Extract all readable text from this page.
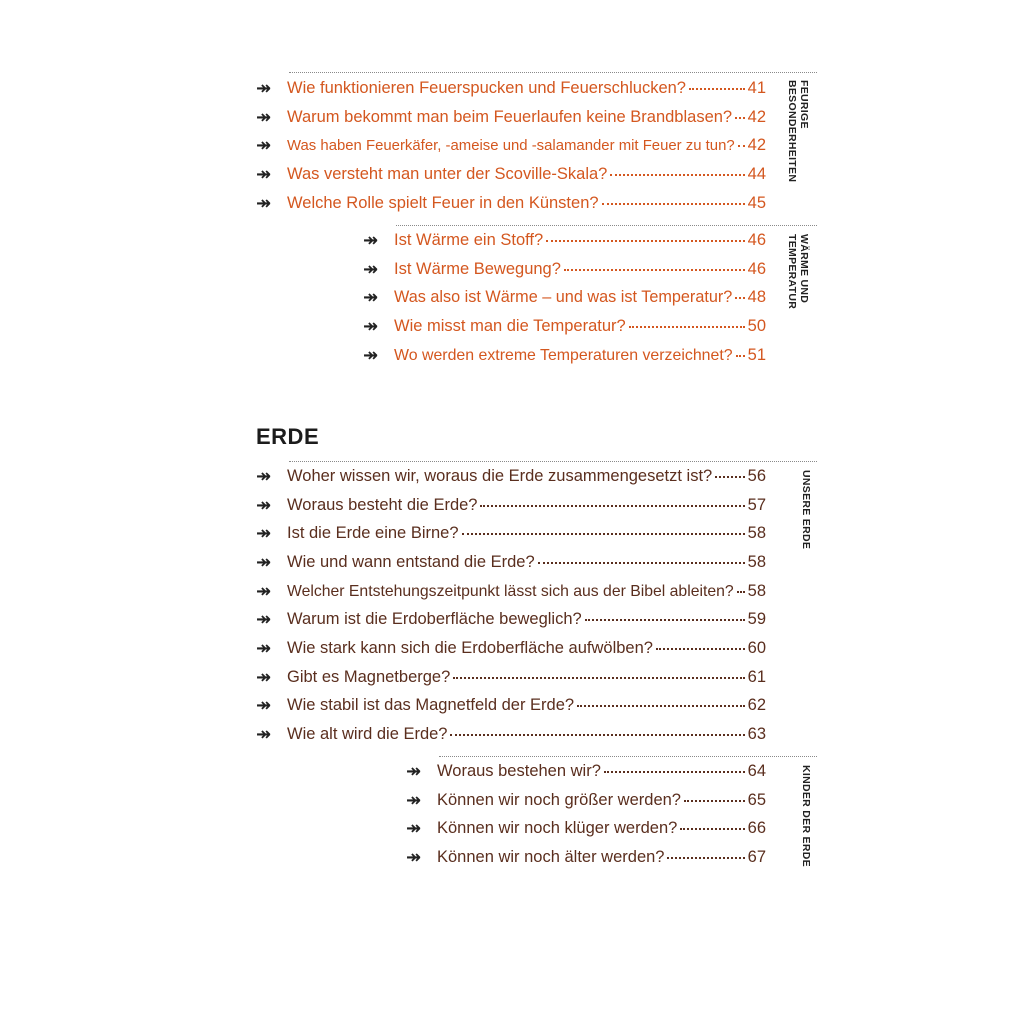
↠ Wie funktionieren Feuerspucken und Feuerschlucken?	41
↠ Warum bekommt man beim Feuerlaufen keine Brandblasen? 42
↠	Was haben Feuerkäfer, -ameise und -salamander mit Feuer zu tun? 42
↠ Was versteht man unter der Scoville-Skala?	44
↠ Welche Rolle spielt Feuer in den Künsten?	45
FEURIGE
BESONDERHEITEN
↠ Ist Wärme ein Stoff?	46
↠ Ist Wärme Bewegung?	46
↠ Was also ist Wärme – und was ist Temperatur? 48
↠ Wie misst man die Temperatur?	50
↠	Wo werden extreme Temperaturen verzeichnet? 51
WÄRME UND
TEMPERATUR
ERDE
↠ Woher wissen wir, woraus die Erde zusammengesetzt ist? 56
↠ Woraus besteht die Erde?	57
↠ Ist die Erde eine Birne?	58
↠ Wie und wann entstand die Erde?	58
↠	Welcher Entstehungszeitpunkt lässt sich aus der Bibel ableiten? 58
↠ Warum ist die Erdoberfläche beweglich?	59
↠ Wie stark kann sich die Erdoberfläche aufwölben?	60
↠ Gibt es Magnetberge?	61
↠ Wie stabil ist das Magnetfeld der Erde?	62
↠ Wie alt wird die Erde?	63
UNSERE ERDE
↠ Woraus bestehen wir?	64
↠ Können wir noch größer werden?	65
↠ Können wir noch klüger werden?	66
↠ Können wir noch älter werden?	67	KINDER DER ERDE
